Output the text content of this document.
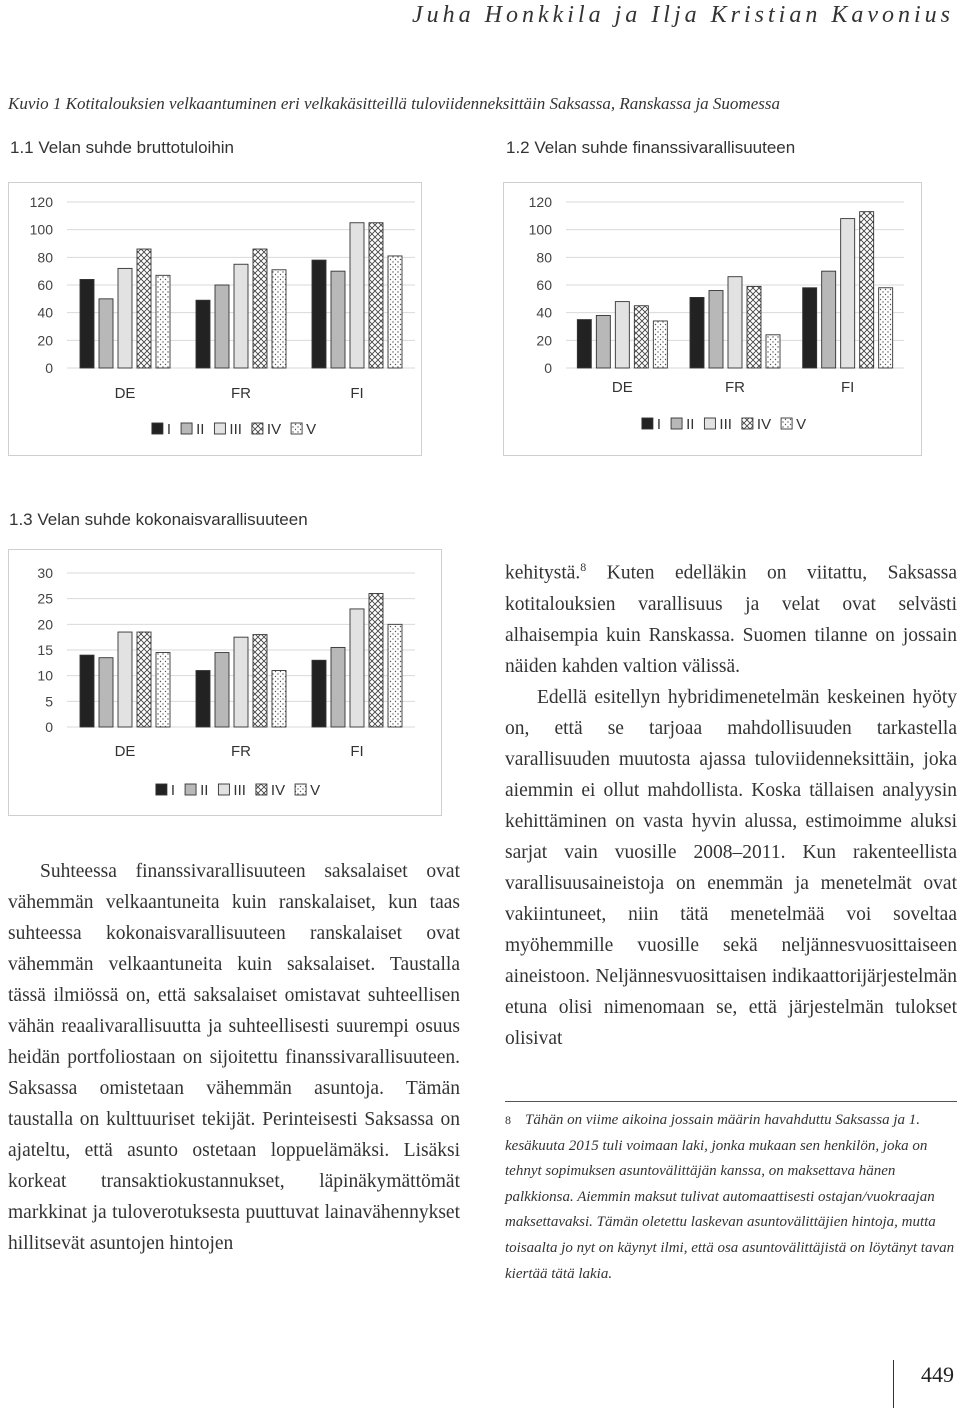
Juha Honkkila ja Ilja Kristian Kavonius
Kuvio 1 Kotitalouksien velkaantuminen eri velkakäsitteillä tuloviidenneksittäin Saksassa, Ranskassa ja Suomessa
1.1 Velan suhde bruttotuloihin	1.2 Velan suhde finanssivarallisuuteen
1.3 Velan suhde kokonaisvarallisuuteen
0
20
40
60
80
100
120
DE	FR	FI
I II III IV V
0
20
40
60
80
100
120
DE	FR	FI
I II III IV V
0
5
10
15
20
25
30
DE	FR	FI
I II III IV V

Suhteessa finanssivarallisuuteen saksalaiset ovat vähemmän velkaantuneita kuin ranskalaiset, kun taas suhteessa kokonaisvarallisuuteen ranskalaiset ovat vähemmän velkaantuneita kuin saksalaiset. Taustalla tässä ilmiössä on, että saksalaiset omistavat suhteellisen vähän reaalivarallisuutta ja suhteellisesti suurempi osuus heidän portfoliostaan on sijoitettu finanssivarallisuuteen. Saksassa omistetaan vähemmän asuntoja. Tämän taustalla on kulttuuriset tekijät. Perinteisesti Saksassa on ajateltu, että asunto ostetaan loppuelämäksi. Lisäksi korkeat transaktiokustannukset, läpinäkymättömät markkinat ja tuloverotuksesta puuttuvat lainavähennykset hillitsevät asuntojen hintojen

kehitystä.$^8$ Kuten edelläkin on viitattu, Saksassa kotitalouksien varallisuus ja velat ovat selvästi alhaisempia kuin Ranskassa. Suomen tilanne on jossain näiden kahden valtion välissä.

Edellä esitellyn hybridimenetelmän keskeinen hyöty on, että se tarjoaa mahdollisuuden tarkastella varallisuuden muutosta ajassa tuloviidenneksittäin, joka aiemmin ei ollut mahdollista. Koska tällaisen analyysin kehittäminen on vasta hyvin alussa, estimoimme aluksi sarjat vain vuosille 2008–2011. Kun rakenteellista varallisuusaineistoja on enemmän ja menetelmät ovat vakiintuneet, niin tätä menetelmää voi soveltaa myöhemmille vuosille sekä neljännesvuosittaiseen aineistoon. Neljännesvuosittaisen indikaattorijärjestelmän etuna olisi nimenomaan se, että järjestelmän tulokset olisivat

$^8$ Tähän on viime aikoina jossain määrin havahduttu Saksassa ja 1. kesäkuuta 2015 tuli voimaan laki, jonka mukaan sen henkilön, joka on tehnyt sopimuksen asuntovälittäjän kanssa, on maksettava hänen palkkionsa. Aiemmin maksut tulivat automaattisesti ostajan/vuokraajan maksettavaksi. Tämän oletettu laskevan asuntovälittäjien hintoja, mutta toisaalta jo nyt on käynyt ilmi, että osa asuntovälittäjistä on löytänyt tavan kiertää tätä lakia.
449
